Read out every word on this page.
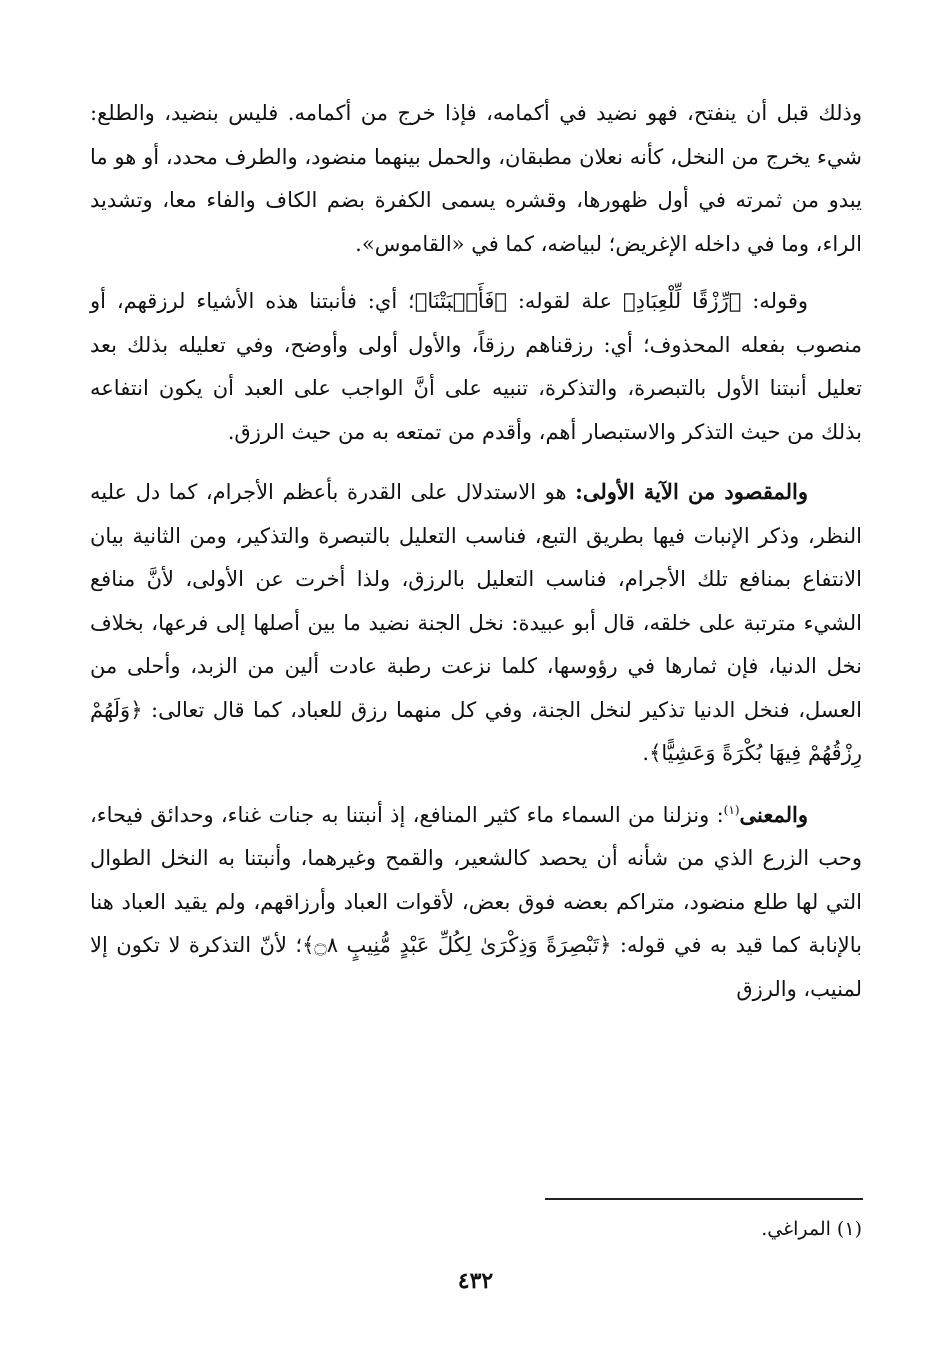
وذلك قبل أن ينفتح، فهو نضيد في أكمامه، فإذا خرج من أكمامه. فليس بنضيد، والطلع: شيء يخرج من النخل، كأنه نعلان مطبقان، والحمل بينهما منضود، والطرف محدد، أو هو ما يبدو من ثمرته في أول ظهورها، وقشره يسمى الكفرة بضم الكاف والفاء معا، وتشديد الراء، وما في داخله الإغريض؛ لبياضه، كما في «القاموس».

وقوله: ﴿رِّزْقًا لِّلْعِبَادِ﴾ علة لقوله: ﴿فَأَنۢبَتْنَا﴾؛ أي: فأنبتنا هذه الأشياء لرزقهم، أو منصوب بفعله المحذوف؛ أي: رزقناهم رزقاً، والأول أولى وأوضح، وفي تعليله بذلك بعد تعليل أنبتنا الأول بالتبصرة، والتذكرة، تنبيه على أنَّ الواجب على العبد أن يكون انتفاعه بذلك من حيث التذكر والاستبصار أهم، وأقدم من تمتعه به من حيث الرزق.

والمقصود من الآية الأولى: هو الاستدلال على القدرة بأعظم الأجرام، كما دل عليه النظر، وذكر الإنبات فيها بطريق التبع، فناسب التعليل بالتبصرة والتذكير، ومن الثانية بيان الانتفاع بمنافع تلك الأجرام، فناسب التعليل بالرزق، ولذا أخرت عن الأولى، لأنَّ منافع الشيء مترتبة على خلقه، قال أبو عبيدة: نخل الجنة نضيد ما بين أصلها إلى فرعها، بخلاف نخل الدنيا، فإن ثمارها في رؤوسها، كلما نزعت رطبة عادت ألين من الزبد، وأحلى من العسل، فنخل الدنيا تذكير لنخل الجنة، وفي كل منهما رزق للعباد، كما قال تعالى: ﴿وَلَهُمْ رِزْقُهُمْ فِيهَا بُكْرَةً وَعَشِيًّا﴾.

والمعنى$^{(١)}$: ونزلنا من السماء ماء كثير المنافع، إذ أنبتنا به جنات غناء، وحدائق فيحاء، وحب الزرع الذي من شأنه أن يحصد كالشعير، والقمح وغيرهما، وأنبتنا به النخل الطوال التي لها طلع منضود، متراكم بعضه فوق بعض، لأقوات العباد وأرزاقهم، ولم يقيد العباد هنا بالإنابة كما قيد به في قوله: ﴿تَبْصِرَةً وَذِكْرَىٰ لِكُلِّ عَبْدٍ مُّنِيبٍ ۝٨﴾؛ لأنّ التذكرة لا تكون إلا لمنيب، والرزق

(١) المراغي.
٤٣٢
